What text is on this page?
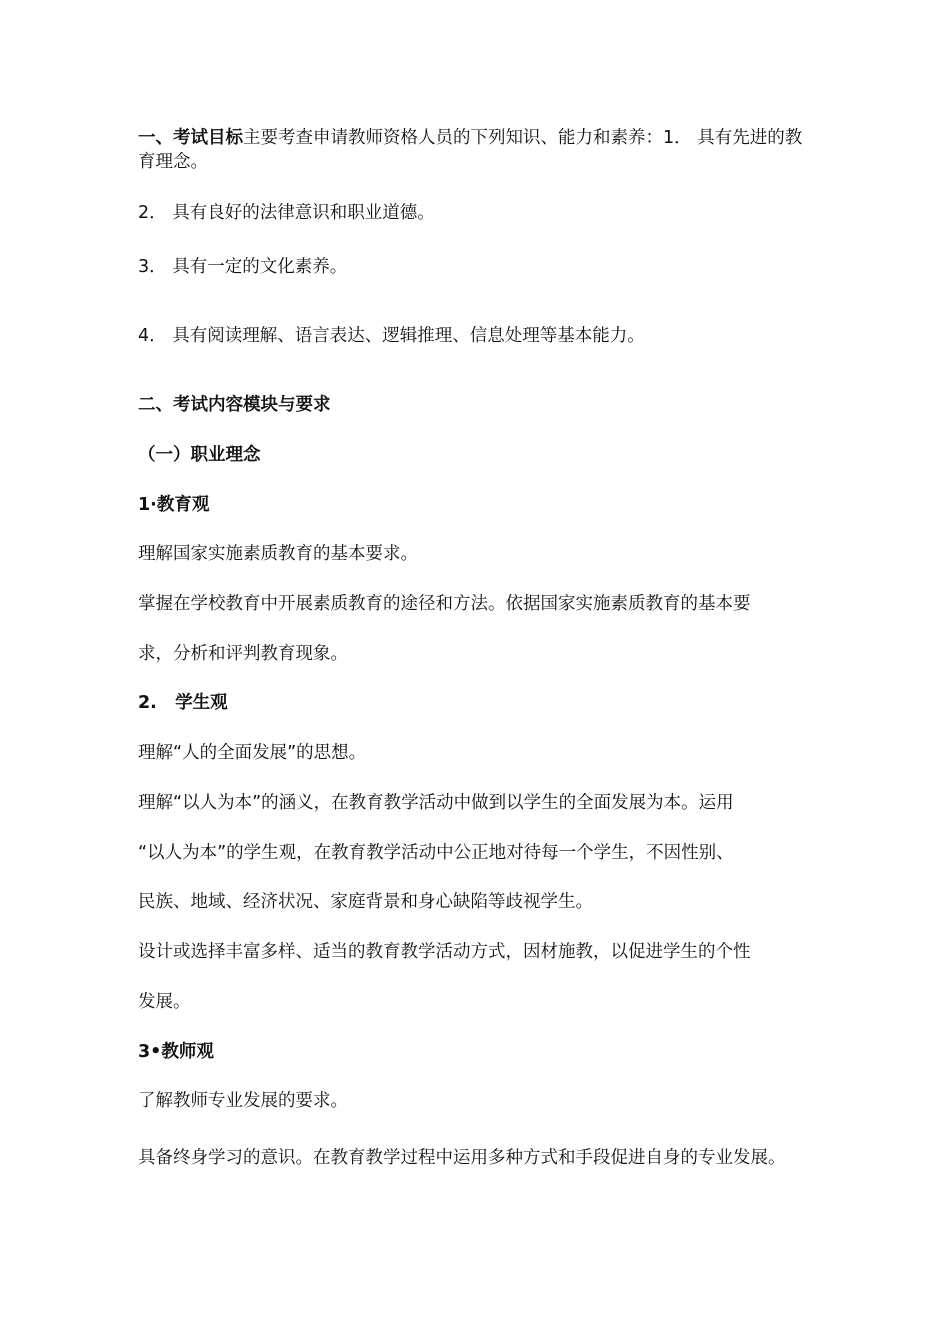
一、考试目标主要考查申请教师资格人员的下列知识、能力和素养：1． 具有先进的教育理念。
2． 具有良好的法律意识和职业道德。
3． 具有一定的文化素养。
4． 具有阅读理解、语言表达、逻辑推理、信息处理等基本能力。
二、考试内容模块与要求
（一）职业理念
1·教育观
理解国家实施素质教育的基本要求。
掌握在学校教育中开展素质教育的途径和方法。依据国家实施素质教育的基本要
求，分析和评判教育现象。
2.   学生观
理解“人的全面发展”的思想。
理解“以人为本”的涵义，在教育教学活动中做到以学生的全面发展为本。运用
“以人为本”的学生观，在教育教学活动中公正地对待每一个学生，不因性别、
民族、地域、经济状况、家庭背景和身心缺陷等歧视学生。
设计或选择丰富多样、适当的教育教学活动方式，因材施教，以促进学生的个性
发展。
3•教师观
了解教师专业发展的要求。
具备终身学习的意识。在教育教学过程中运用多种方式和手段促进自身的专业发展。
